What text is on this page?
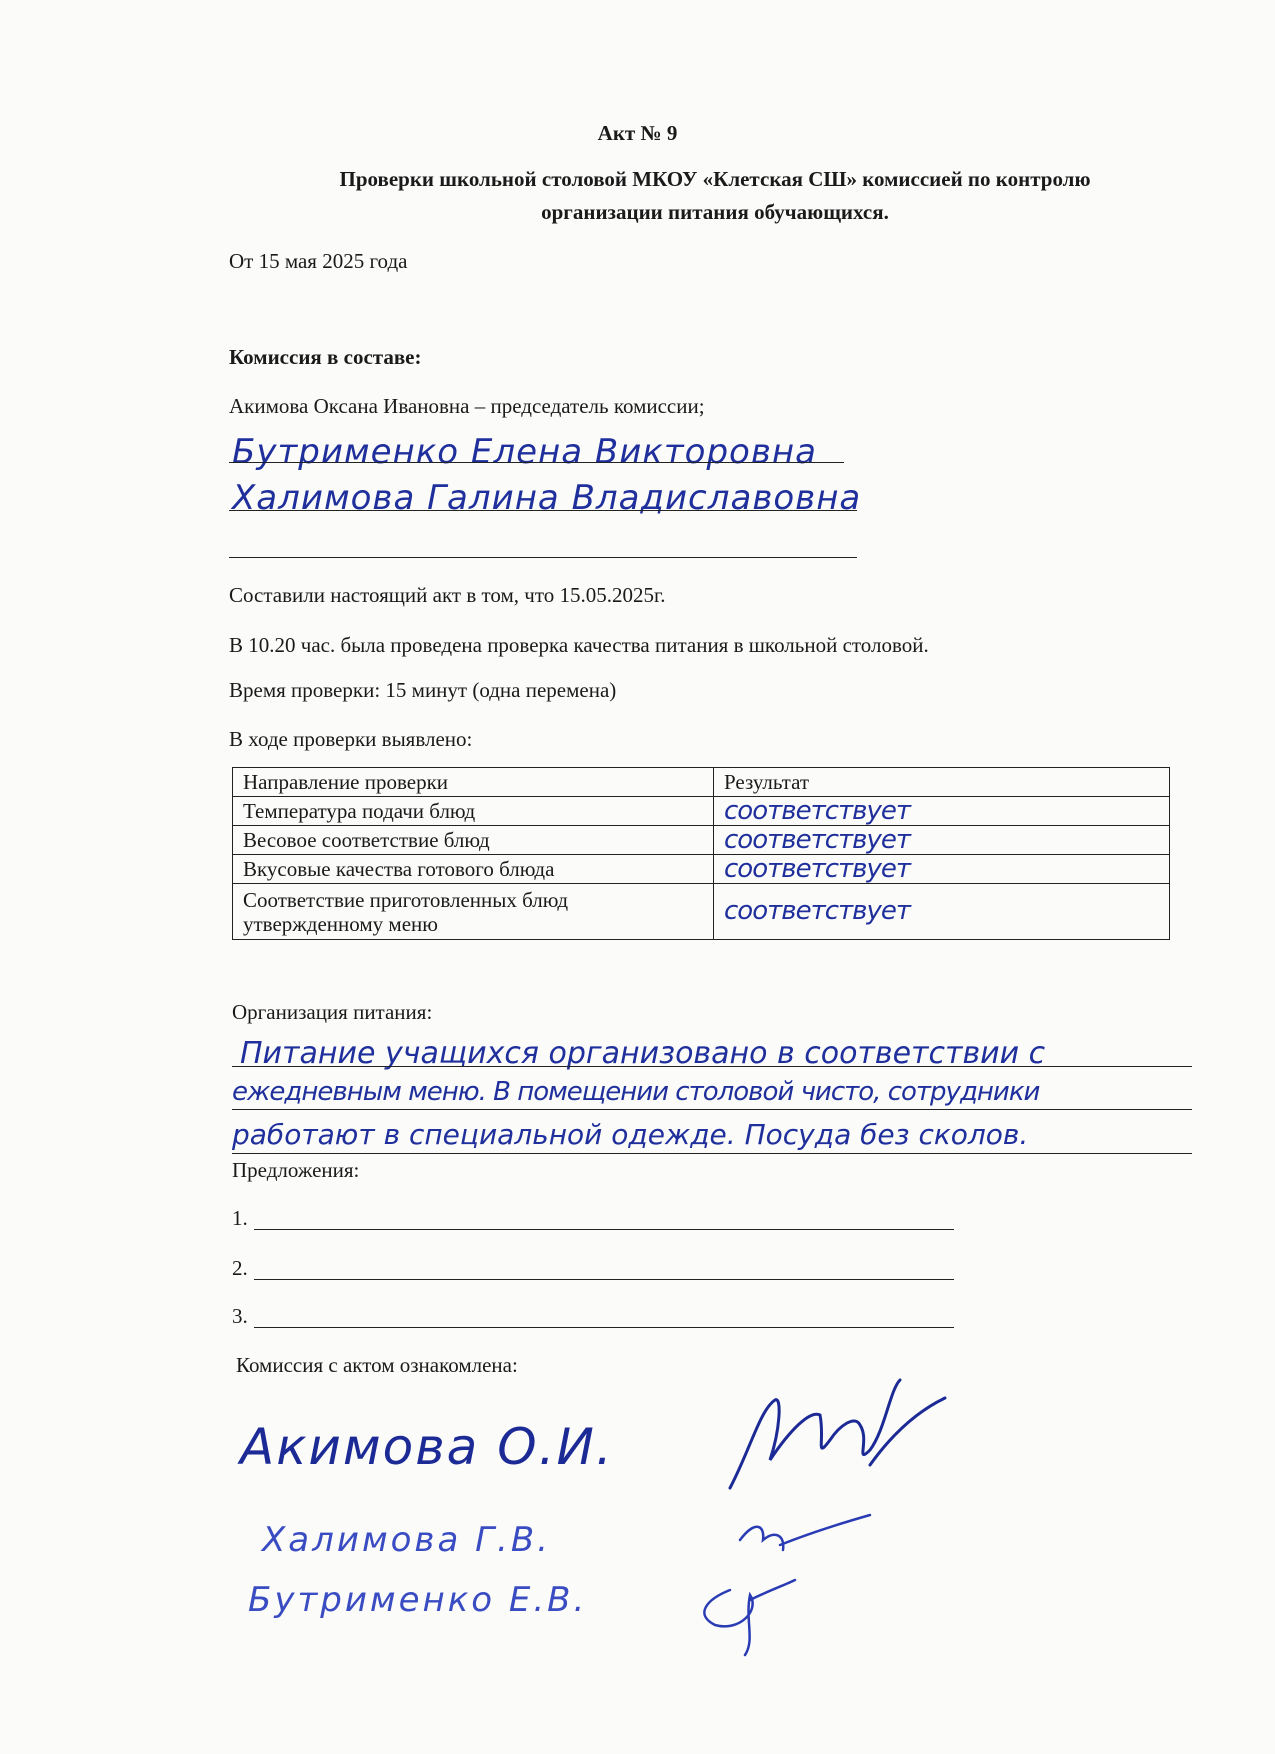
Акт № 9
Проверки школьной столовой МКОУ «Клетская СШ» комиссией по контролю
организации питания обучающихся.
От 15 мая 2025 года
Комиссия в составе:
Акимова Оксана Ивановна – председатель комиссии;
Бутрименко Елена Викторовна
Халимова Галина Владиславовна
Составили настоящий акт в том, что 15.05.2025г.
В 10.20 час. была проведена проверка качества питания в школьной столовой.
Время проверки: 15 минут (одна перемена)
В ходе проверки выявлено:
Направление проверки	Результат
Температура подачи блюд	соответствует
Весовое соответствие блюд	соответствует
Вкусовые качества готового блюда	соответствует

Соответствие приготовленных блюд
утвержденному меню	соответствует
Организация питания:
Питание учащихся организовано в соответствии с
ежедневным меню. В помещении столовой чисто, сотрудники
работают в специальной одежде. Посуда без сколов.
Предложения:
1.
2.
3.
Комиссия с актом ознакомлена:
Акимова О.И.
Халимова Г.В.
Бутрименко Е.В.
